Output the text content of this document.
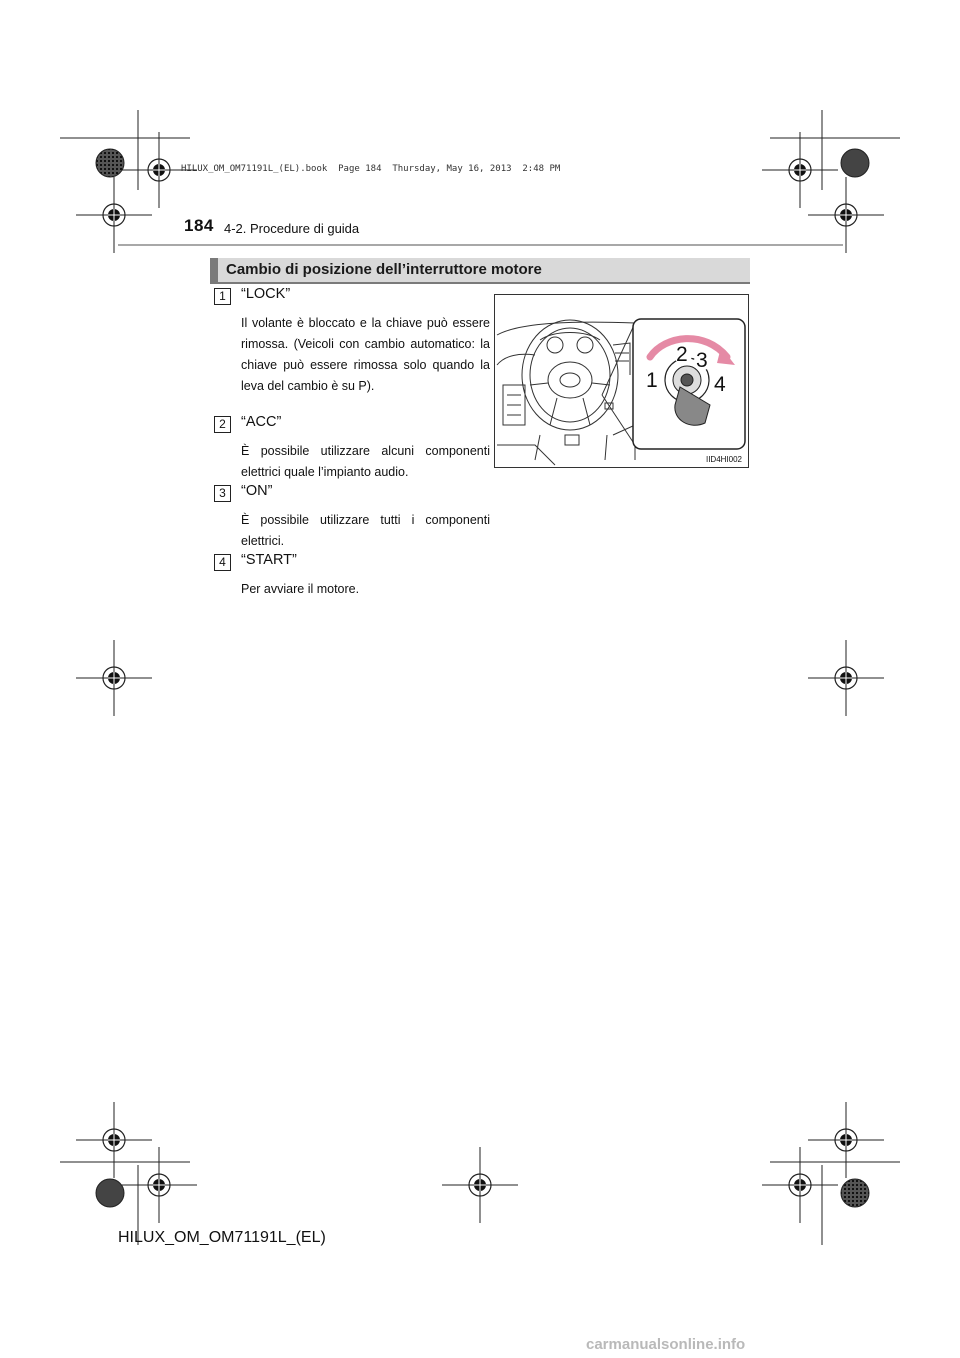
HILUX_OM_OM71191L_(EL).book  Page 184  Thursday, May 16, 2013  2:48 PM
184 4-2. Procedure di guida
Cambio di posizione dell’interruttore motore
1	“LOCK”
Il volante è bloccato e la chiave può essere rimossa. (Veicoli con cambio automatico: la chiave può essere rimossa solo quando la leva del cambio è su P).
2	“ACC”
È possibile utilizzare alcuni componenti elettrici quale l’impianto audio.
3	“ON”
È possibile utilizzare tutti i componenti elettrici.
4	“START”
Per avviare il motore.
1
2 3
4
IID4HI002
HILUX_OM_OM71191L_(EL)
carmanualsonline.info
